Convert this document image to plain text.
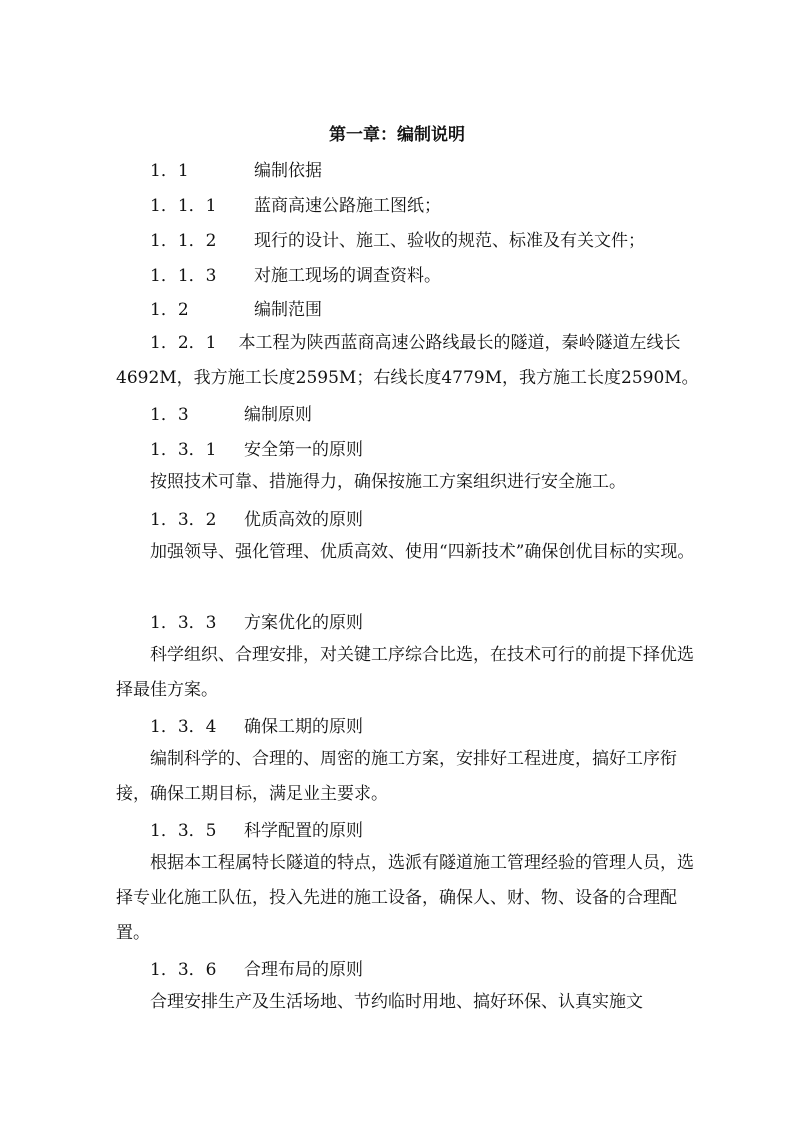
第一章：编制说明
1．1	编制依据
1．1．1 蓝商高速公路施工图纸；
1．1．2 现行的设计、施工、验收的规范、标准及有关文件；
1．1．3 对施工现场的调查资料。
1．2	编制范围
1．2．1 本工程为陕西蓝商高速公路线最长的隧道，秦岭隧道左线长4692M，我方施工长度2595M；右线长度4779M，我方施工长度2590M。
1．3	编制原则
1．3．1 安全第一的原则
按照技术可靠、措施得力，确保按施工方案组织进行安全施工。
1．3．2 优质高效的原则
加强领导、强化管理、优质高效、使用“四新技术”确保创优目标的实现。
1．3．3 方案优化的原则
科学组织、合理安排，对关键工序综合比选，在技术可行的前提下择优选择最佳方案。
1．3．4 确保工期的原则
编制科学的、合理的、周密的施工方案，安排好工程进度，搞好工序衔接，确保工期目标，满足业主要求。
1．3．5 科学配置的原则
根据本工程属特长隧道的特点，选派有隧道施工管理经验的管理人员，选择专业化施工队伍，投入先进的施工设备，确保人、财、物、设备的合理配置。
1．3．6 合理布局的原则
合理安排生产及生活场地、节约临时用地、搞好环保、认真实施文
